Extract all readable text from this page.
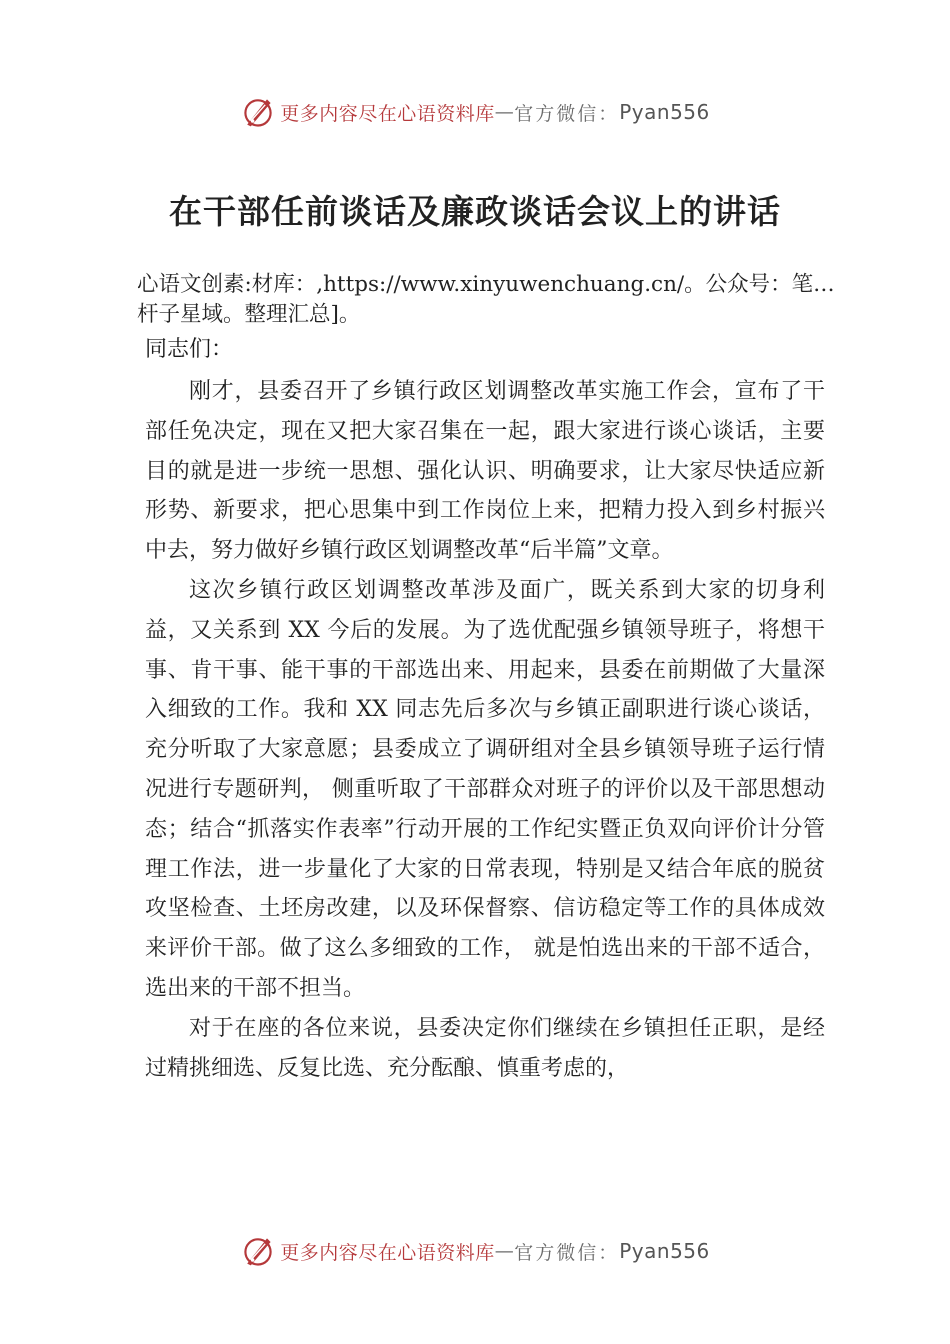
更多内容尽在心语资料库 — 官方微信： Pyan556
在干部任前谈话及廉政谈话会议上的讲话
心语文创素:材库：,https://www.xinyuwenchuang.cn/。公众号：笔…杆子星域。整理汇总]。
同志们：

刚才，县委召开了乡镇行政区划调整改革实施工作会，宣布了干部任免决定，现在又把大家召集在一起，跟大家进行谈心谈话，主要目的就是进一步统一思想、强化认识、明确要求，让大家尽快适应新形势、新要求，把心思集中到工作岗位上来，把精力投入到乡村振兴中去，努力做好乡镇行政区划调整改革“后半篇”文章。

这次乡镇行政区划调整改革涉及面广，既关系到大家的切身利益，又关系到 XX 今后的发展。为了选优配强乡镇领导班子，将想干事、肯干事、能干事的干部选出来、用起来，县委在前期做了大量深入细致的工作。我和 XX 同志先后多次与乡镇正副职进行谈心谈话，充分听取了大家意愿；县委成立了调研组对全县乡镇领导班子运行情况进行专题研判， 侧重听取了干部群众对班子的评价以及干部思想动态；结合“抓落实作表率”行动开展的工作纪实暨正负双向评价计分管理工作法，进一步量化了大家的日常表现，特别是又结合年底的脱贫攻坚检查、土坯房改建，以及环保督察、信访稳定等工作的具体成效来评价干部。做了这么多细致的工作， 就是怕选出来的干部不适合，选出来的干部不担当。

对于在座的各位来说，县委决定你们继续在乡镇担任正职，是经过精挑细选、反复比选、充分酝酿、慎重考虑的，

更多内容尽在心语资料库 — 官方微信： Pyan556
